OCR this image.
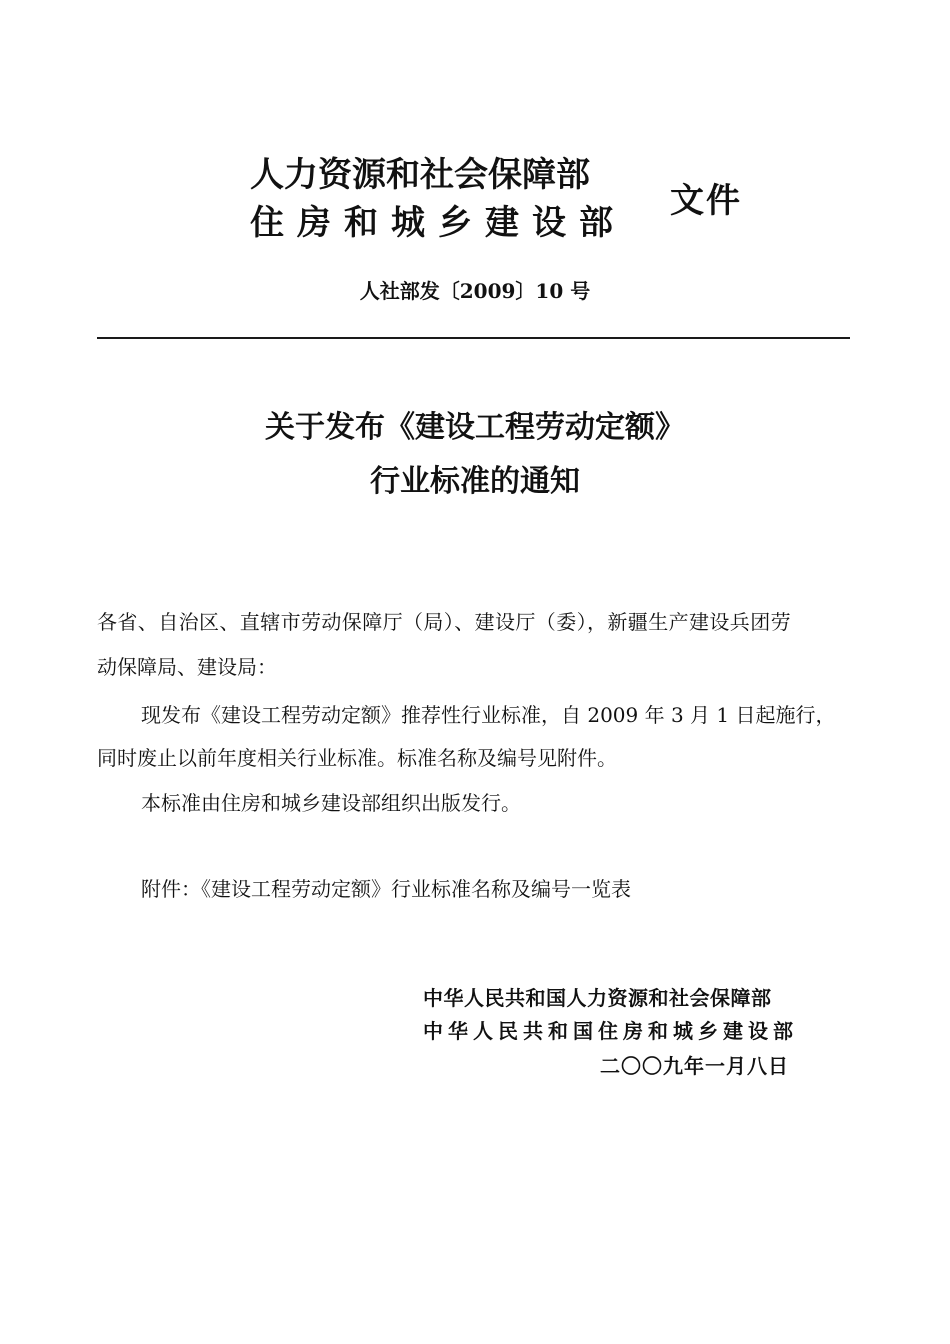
人力资源和社会保障部
住房和城乡建设部
文件
人社部发〔2009〕10 号
关于发布《建设工程劳动定额》
行业标准的通知
各省、自治区、直辖市劳动保障厅（局）、建设厅（委），新疆生产建设兵团劳
动保障局、建设局：
现发布《建设工程劳动定额》推荐性行业标准，自 2009 年 3 月 1 日起施行，
同时废止以前年度相关行业标准。标准名称及编号见附件。
本标准由住房和城乡建设部组织出版发行。
附件：《建设工程劳动定额》行业标准名称及编号一览表
中华人民共和国人力资源和社会保障部
中华人民共和国住房和城乡建设部
二〇〇九年一月八日
